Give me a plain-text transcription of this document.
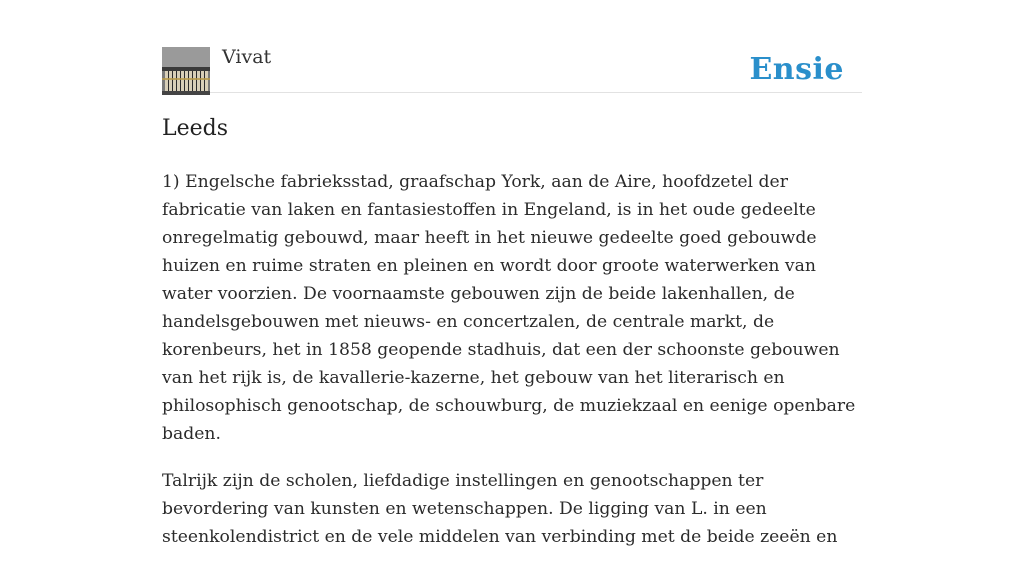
Vivat	Ensie
Leeds

1) Engelsche fabrieksstad, graafschap York, aan de Aire, hoofdzetel der fabricatie van laken en fantasiestoffen in Engeland, is in het oude gedeelte onregelmatig gebouwd, maar heeft in het nieuwe gedeelte goed gebouwde huizen en ruime straten en pleinen en wordt door groote waterwerken van water voorzien. De voornaamste gebouwen zijn de beide lakenhallen, de handelsgebouwen met nieuws- en concertzalen, de centrale markt, de korenbeurs, het in 1858 geopende stadhuis, dat een der schoonste gebouwen van het rijk is, de kavallerie-kazerne, het gebouw van het literarisch en philosophisch genootschap, de schouwburg, de muziekzaal en eenige openbare baden.

Talrijk zijn de scholen, liefdadige instellingen en genootschappen ter bevordering van kunsten en wetenschappen. De ligging van L. in een steenkolendistrict en de vele middelen van verbinding met de beide zeeën en
